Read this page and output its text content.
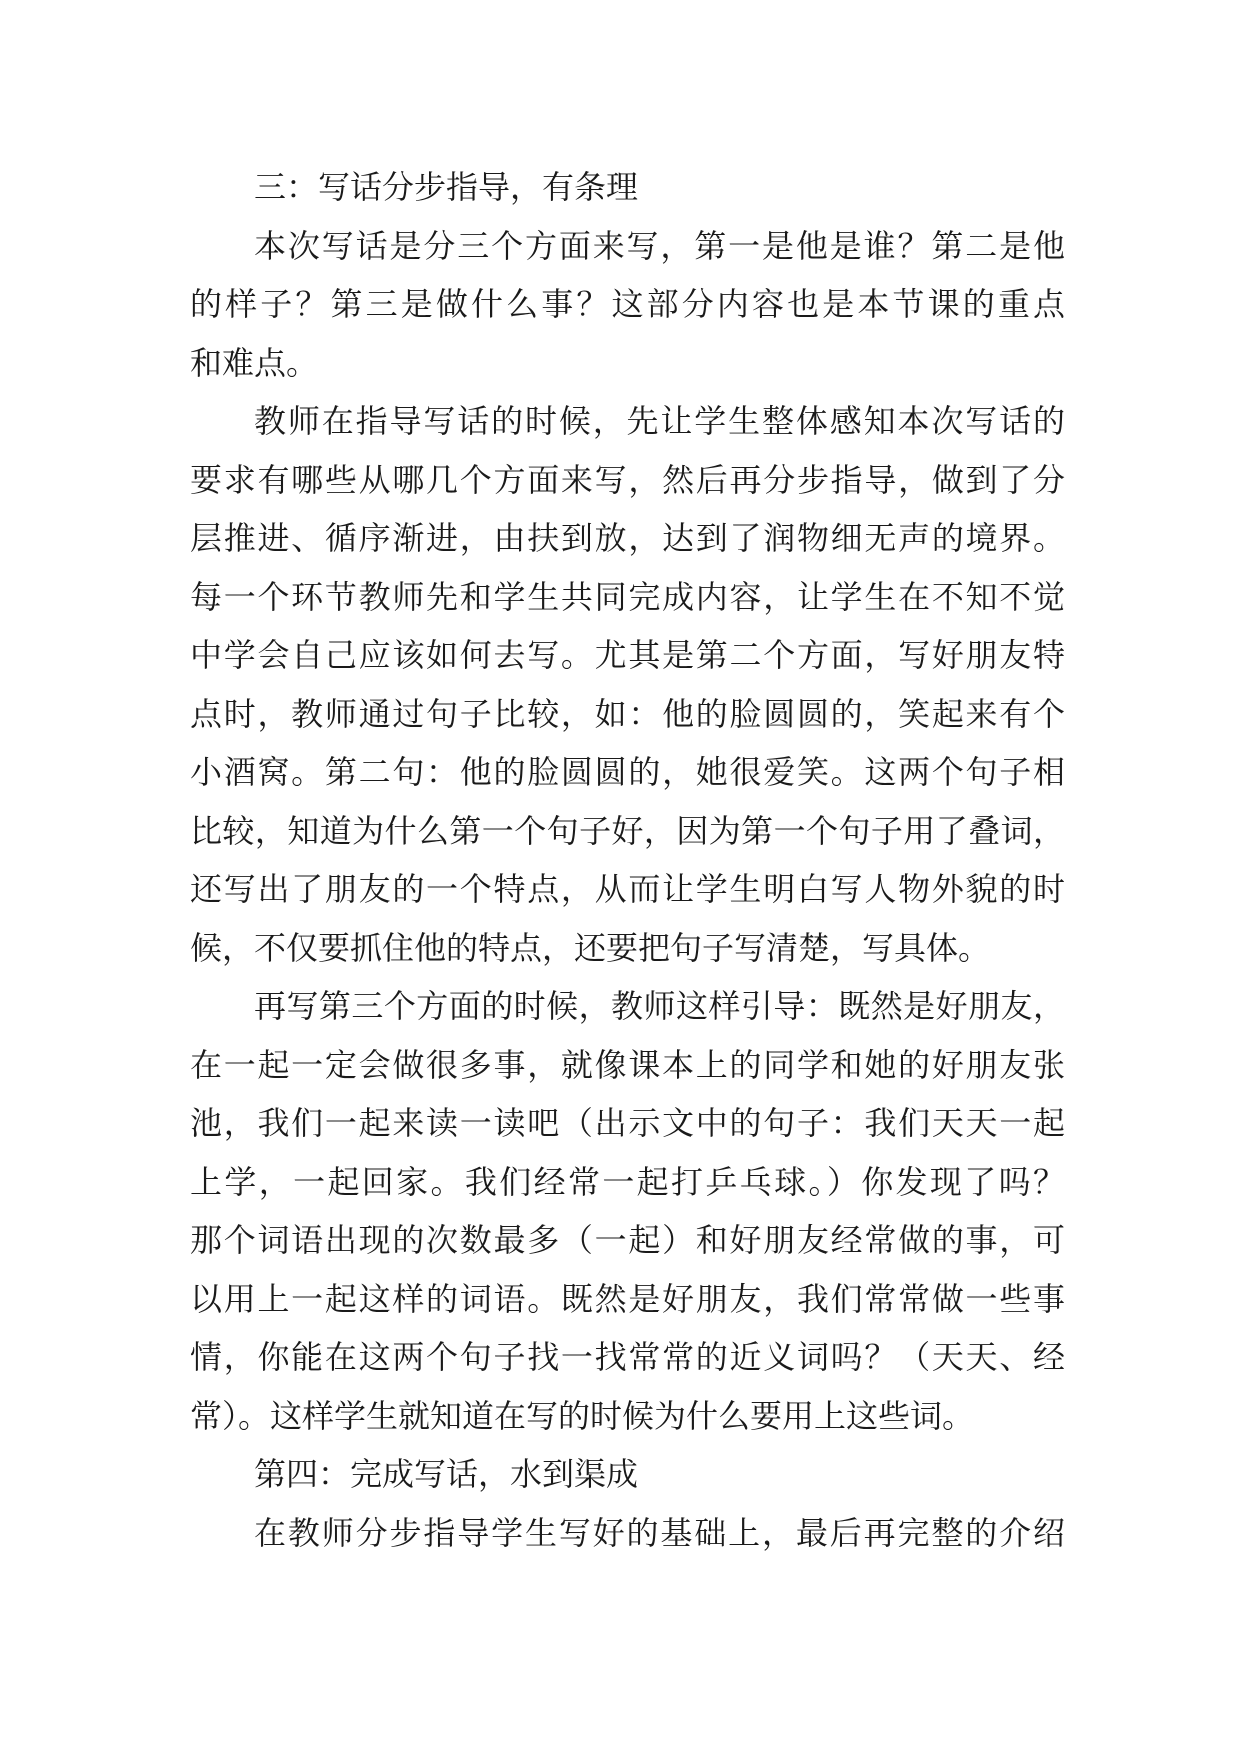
三：写话分步指导，有条理
本次写话是分三个方面来写，第一是他是谁？第二是他
的样子？第三是做什么事？这部分内容也是本节课的重点
和难点。
教师在指导写话的时候，先让学生整体感知本次写话的
要求有哪些从哪几个方面来写，然后再分步指导，做到了分
层推进、循序渐进，由扶到放，达到了润物细无声的境界。
每一个环节教师先和学生共同完成内容，让学生在不知不觉
中学会自己应该如何去写。尤其是第二个方面，写好朋友特
点时，教师通过句子比较，如：他的脸圆圆的，笑起来有个
小酒窝。第二句：他的脸圆圆的，她很爱笑。这两个句子相
比较，知道为什么第一个句子好，因为第一个句子用了叠词，
还写出了朋友的一个特点，从而让学生明白写人物外貌的时
候，不仅要抓住他的特点，还要把句子写清楚，写具体。
再写第三个方面的时候，教师这样引导：既然是好朋友，
在一起一定会做很多事，就像课本上的同学和她的好朋友张
池，我们一起来读一读吧（出示文中的句子：我们天天一起
上学，一起回家。我们经常一起打乒乓球。）你发现了吗？
那个词语出现的次数最多（一起）和好朋友经常做的事，可
以用上一起这样的词语。既然是好朋友，我们常常做一些事
情，你能在这两个句子找一找常常的近义词吗？（天天、经
常）。这样学生就知道在写的时候为什么要用上这些词。
第四：完成写话，水到渠成
在教师分步指导学生写好的基础上，最后再完整的介绍
